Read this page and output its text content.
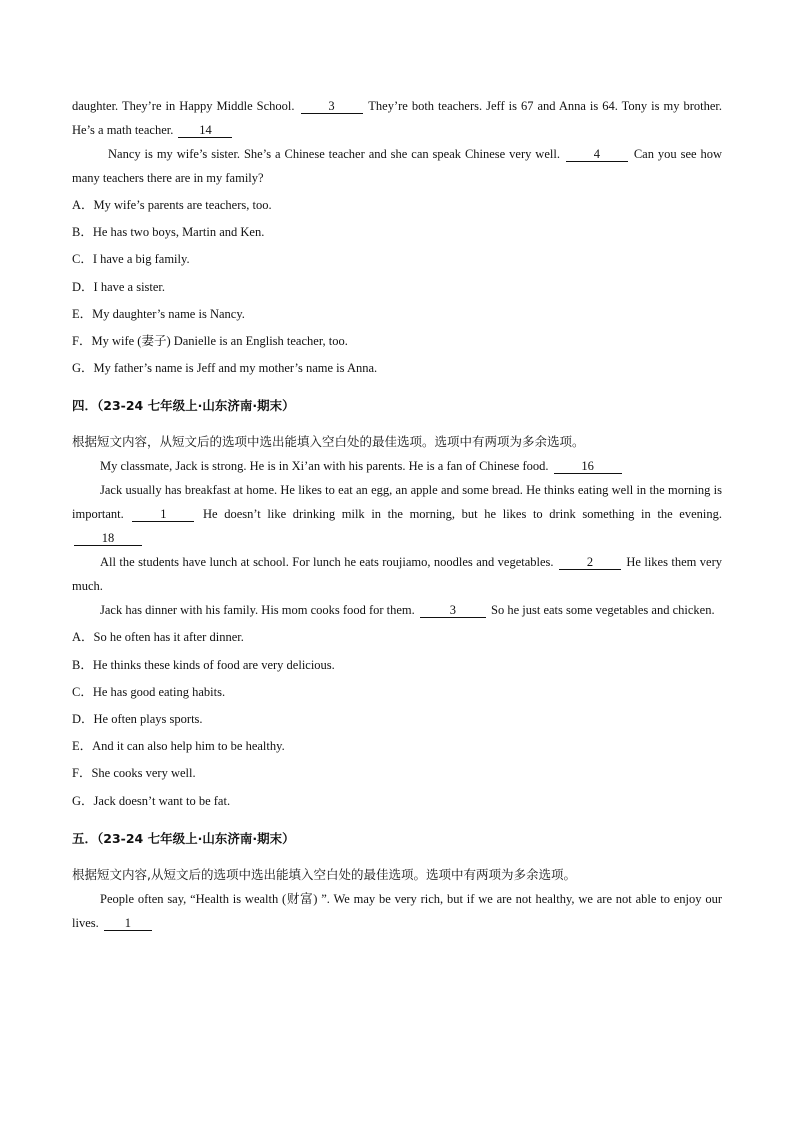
daughter. They’re in Happy Middle School. 3 They’re both teachers. Jeff is 67 and Anna is 64. Tony is my brother. He’s a math teacher. 14

Nancy is my wife’s sister. She’s a Chinese teacher and she can speak Chinese very well. 4 Can you see how many teachers there are in my family?

A．My wife’s parents are teachers, too.

B．He has two boys, Martin and Ken.

C．I have a big family.

D．I have a sister.

E．My daughter’s name is Nancy.

F．My wife (妻子) Danielle is an English teacher, too.

G．My father’s name is Jeff and my mother’s name is Anna.

四．（23-24 七年级上·山东济南·期末）

根据短文内容，从短文后的选项中选出能填入空白处的最佳选项。选项中有两项为多余选项。

My classmate, Jack is strong. He is in Xi’an with his parents. He is a fan of Chinese food. 16

Jack usually has breakfast at home. He likes to eat an egg, an apple and some bread. He thinks eating well in the morning is important. 1 He doesn’t like drinking milk in the morning, but he likes to drink something in the evening. 18

All the students have lunch at school. For lunch he eats roujiamo, noodles and vegetables. 2 He likes them very much.

Jack has dinner with his family. His mom cooks food for them.	3	So he just eats some vegetables and chicken.

A．So he often has it after dinner.

B．He thinks these kinds of food are very delicious.

C．He has good eating habits.

D．He often plays sports.

E．And it can also help him to be healthy.

F．She cooks very well.

G．Jack doesn’t want to be fat.

五．（23-24 七年级上·山东济南·期末）

根据短文内容,从短文后的选项中选出能填入空白处的最佳选项。选项中有两项为多余选项。

People often say, “Health is wealth (财富) ”. We may be very rich, but if we are not healthy, we are not able to enjoy our lives. 1
